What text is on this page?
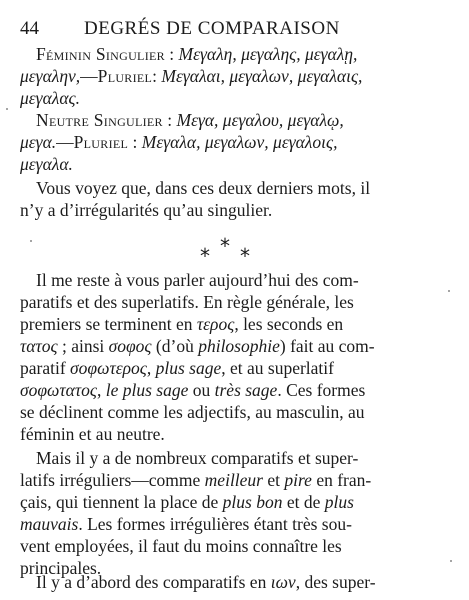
44 DEGRÉS DE COMPARAISON
Féminin Singulier : Μεγαλη, μεγαλης, μεγαλῃ,
μεγαλην,—Pluriel: Μεγαλαι, μεγαλων, μεγαλαις,
μεγαλας.
Neutre Singulier : Μεγα, μεγαλου, μεγαλῳ,
μεγα.—Pluriel : Μεγαλα, μεγαλων, μεγαλοις,
μεγαλα.
Vous voyez que, dans ces deux derniers mots, il
n’y a d’irrégularités qu’au singulier.
* * *
Il me reste à vous parler aujourd’hui des com-
paratifs et des superlatifs. En règle générale, les
premiers se terminent en τερος, les seconds en
τατος ; ainsi σοφος (d’où philosophie) fait au com-
paratif σοφωτερος, plus sage, et au superlatif
σοφωτατος, le plus sage ou très sage. Ces formes
se déclinent comme les adjectifs, au masculin, au
féminin et au neutre.
Mais il y a de nombreux comparatifs et super-
latifs irréguliers—comme meilleur et pire en fran-
çais, qui tiennent la place de plus bon et de plus
mauvais. Les formes irrégulières étant très sou-
vent employées, il faut du moins connaître les
principales.
Il y a d’abord des comparatifs en ιων, des super-
